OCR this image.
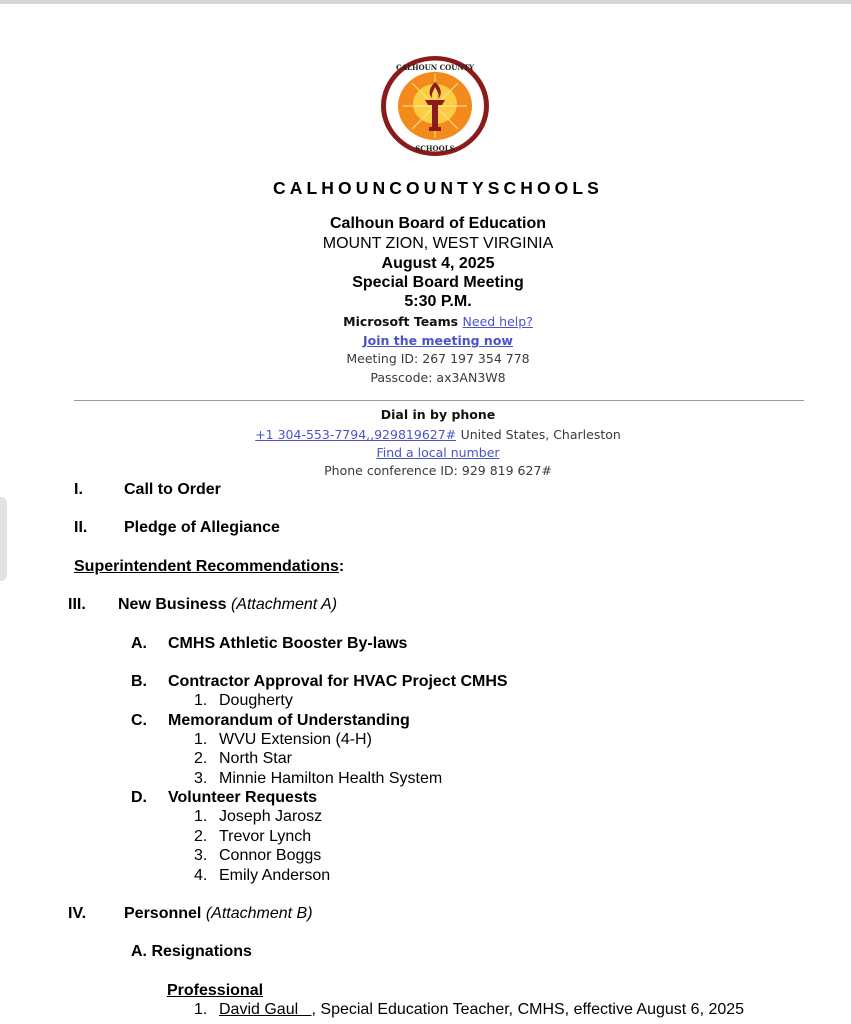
CALHOUN COUNTY
SCHOOLS
CALHOUNCOUNTYSCHOOLS
Calhoun Board of Education
MOUNT ZION, WEST VIRGINIA
August 4, 2025
Special Board Meeting
5:30 P.M.
Microsoft Teams Need help?
Join the meeting now
Meeting ID: 267 197 354 778
Passcode: ax3AN3W8
Dial in by phone
+1 304-553-7794,,929819627# United States, Charleston
Find a local number
Phone conference ID: 929 819 627#
I.	Call to Order
II. Pledge of Allegiance
Superintendent Recommendations:
III. New Business (Attachment A)
A. CMHS Athletic Booster By-laws
B. Contractor Approval for HVAC Project CMHS
1. Dougherty
C. Memorandum of Understanding
1. WVU Extension (4-H)
2. North Star
3. Minnie Hamilton Health System
D. Volunteer Requests
1. Joseph Jarosz
2. Trevor Lynch
3. Connor Boggs
4. Emily Anderson
IV. Personnel (Attachment B)
A. Resignations
Professional
1. David Gaul , Special Education Teacher, CMHS, effective August 6, 2025
